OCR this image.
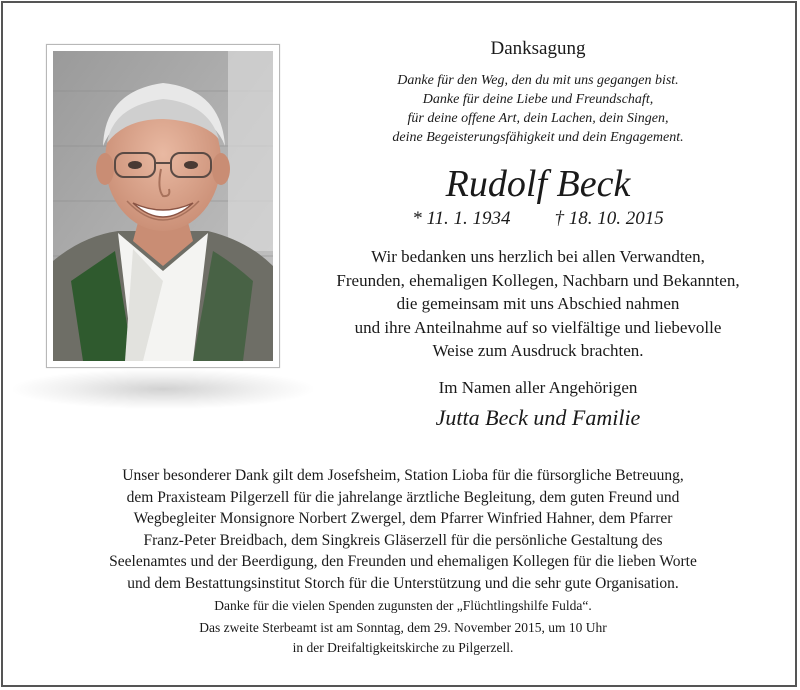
Danksagung
Danke für den Weg, den du mit uns gegangen bist.
Danke für deine Liebe und Freundschaft,
für deine offene Art, dein Lachen, dein Singen,
deine Begeisterungsfähigkeit und dein Engagement.
Rudolf Beck
* 11. 1. 1934 † 18. 10. 2015
Wir bedanken uns herzlich bei allen Verwandten,
Freunden, ehemaligen Kollegen, Nachbarn und Bekannten,
die gemeinsam mit uns Abschied nahmen
und ihre Anteilnahme auf so vielfältige und liebevolle
Weise zum Ausdruck brachten.
Im Namen aller Angehörigen
Jutta Beck und Familie
Unser besonderer Dank gilt dem Josefsheim, Station Lioba für die fürsorgliche Betreuung,
dem Praxisteam Pilgerzell für die jahrelange ärztliche Begleitung, dem guten Freund und
Wegbegleiter Monsignore Norbert Zwergel, dem Pfarrer Winfried Hahner, dem Pfarrer
Franz-Peter Breidbach, dem Singkreis Gläserzell für die persönliche Gestaltung des
Seelenamtes und der Beerdigung, den Freunden und ehemaligen Kollegen für die lieben Worte
und dem Bestattungsinstitut Storch für die Unterstützung und die sehr gute Organisation.
Danke für die vielen Spenden zugunsten der „Flüchtlingshilfe Fulda“.
Das zweite Sterbeamt ist am Sonntag, dem 29. November 2015, um 10 Uhr
in der Dreifaltigkeitskirche zu Pilgerzell.
